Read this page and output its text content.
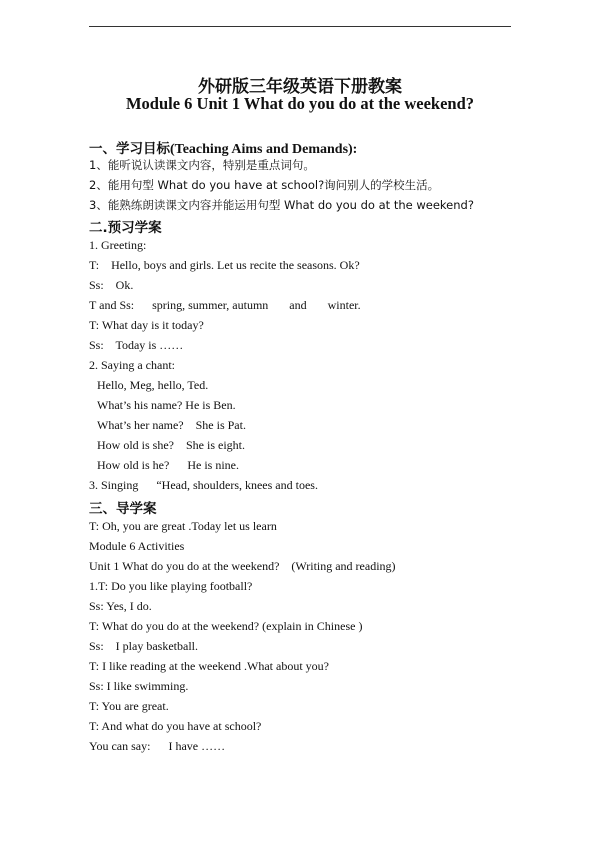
外研版三年级英语下册教案
Module 6 Unit 1 What do you do at the weekend?
一、学习目标(Teaching Aims and Demands):
1、能听说认读课文内容，特别是重点词句。
2、能用句型 What do you have at school?询问别人的学校生活。
3、能熟练朗读课文内容并能运用句型 What do you do at the weekend?
二.预习学案
1. Greeting:
T:    Hello, boys and girls. Let us recite the seasons. Ok?
Ss:    Ok.
T and Ss:      spring, summer, autumn       and       winter.
T: What day is it today?
Ss:    Today is ……
2. Saying a chant:
Hello, Meg, hello, Ted.
What’s his name? He is Ben.
What’s her name?    She is Pat.
How old is she?    She is eight.
How old is he?      He is nine.
3. Singing      “Head, shoulders, knees and toes.
三、导学案
T: Oh, you are great .Today let us learn
Module 6 Activities
Unit 1 What do you do at the weekend?    (Writing and reading)
1.T: Do you like playing football?
Ss: Yes, I do.
T: What do you do at the weekend? (explain in Chinese )
Ss:    I play basketball.
T: I like reading at the weekend .What about you?
Ss: I like swimming.
T: You are great.
T: And what do you have at school?
You can say:      I have ……
